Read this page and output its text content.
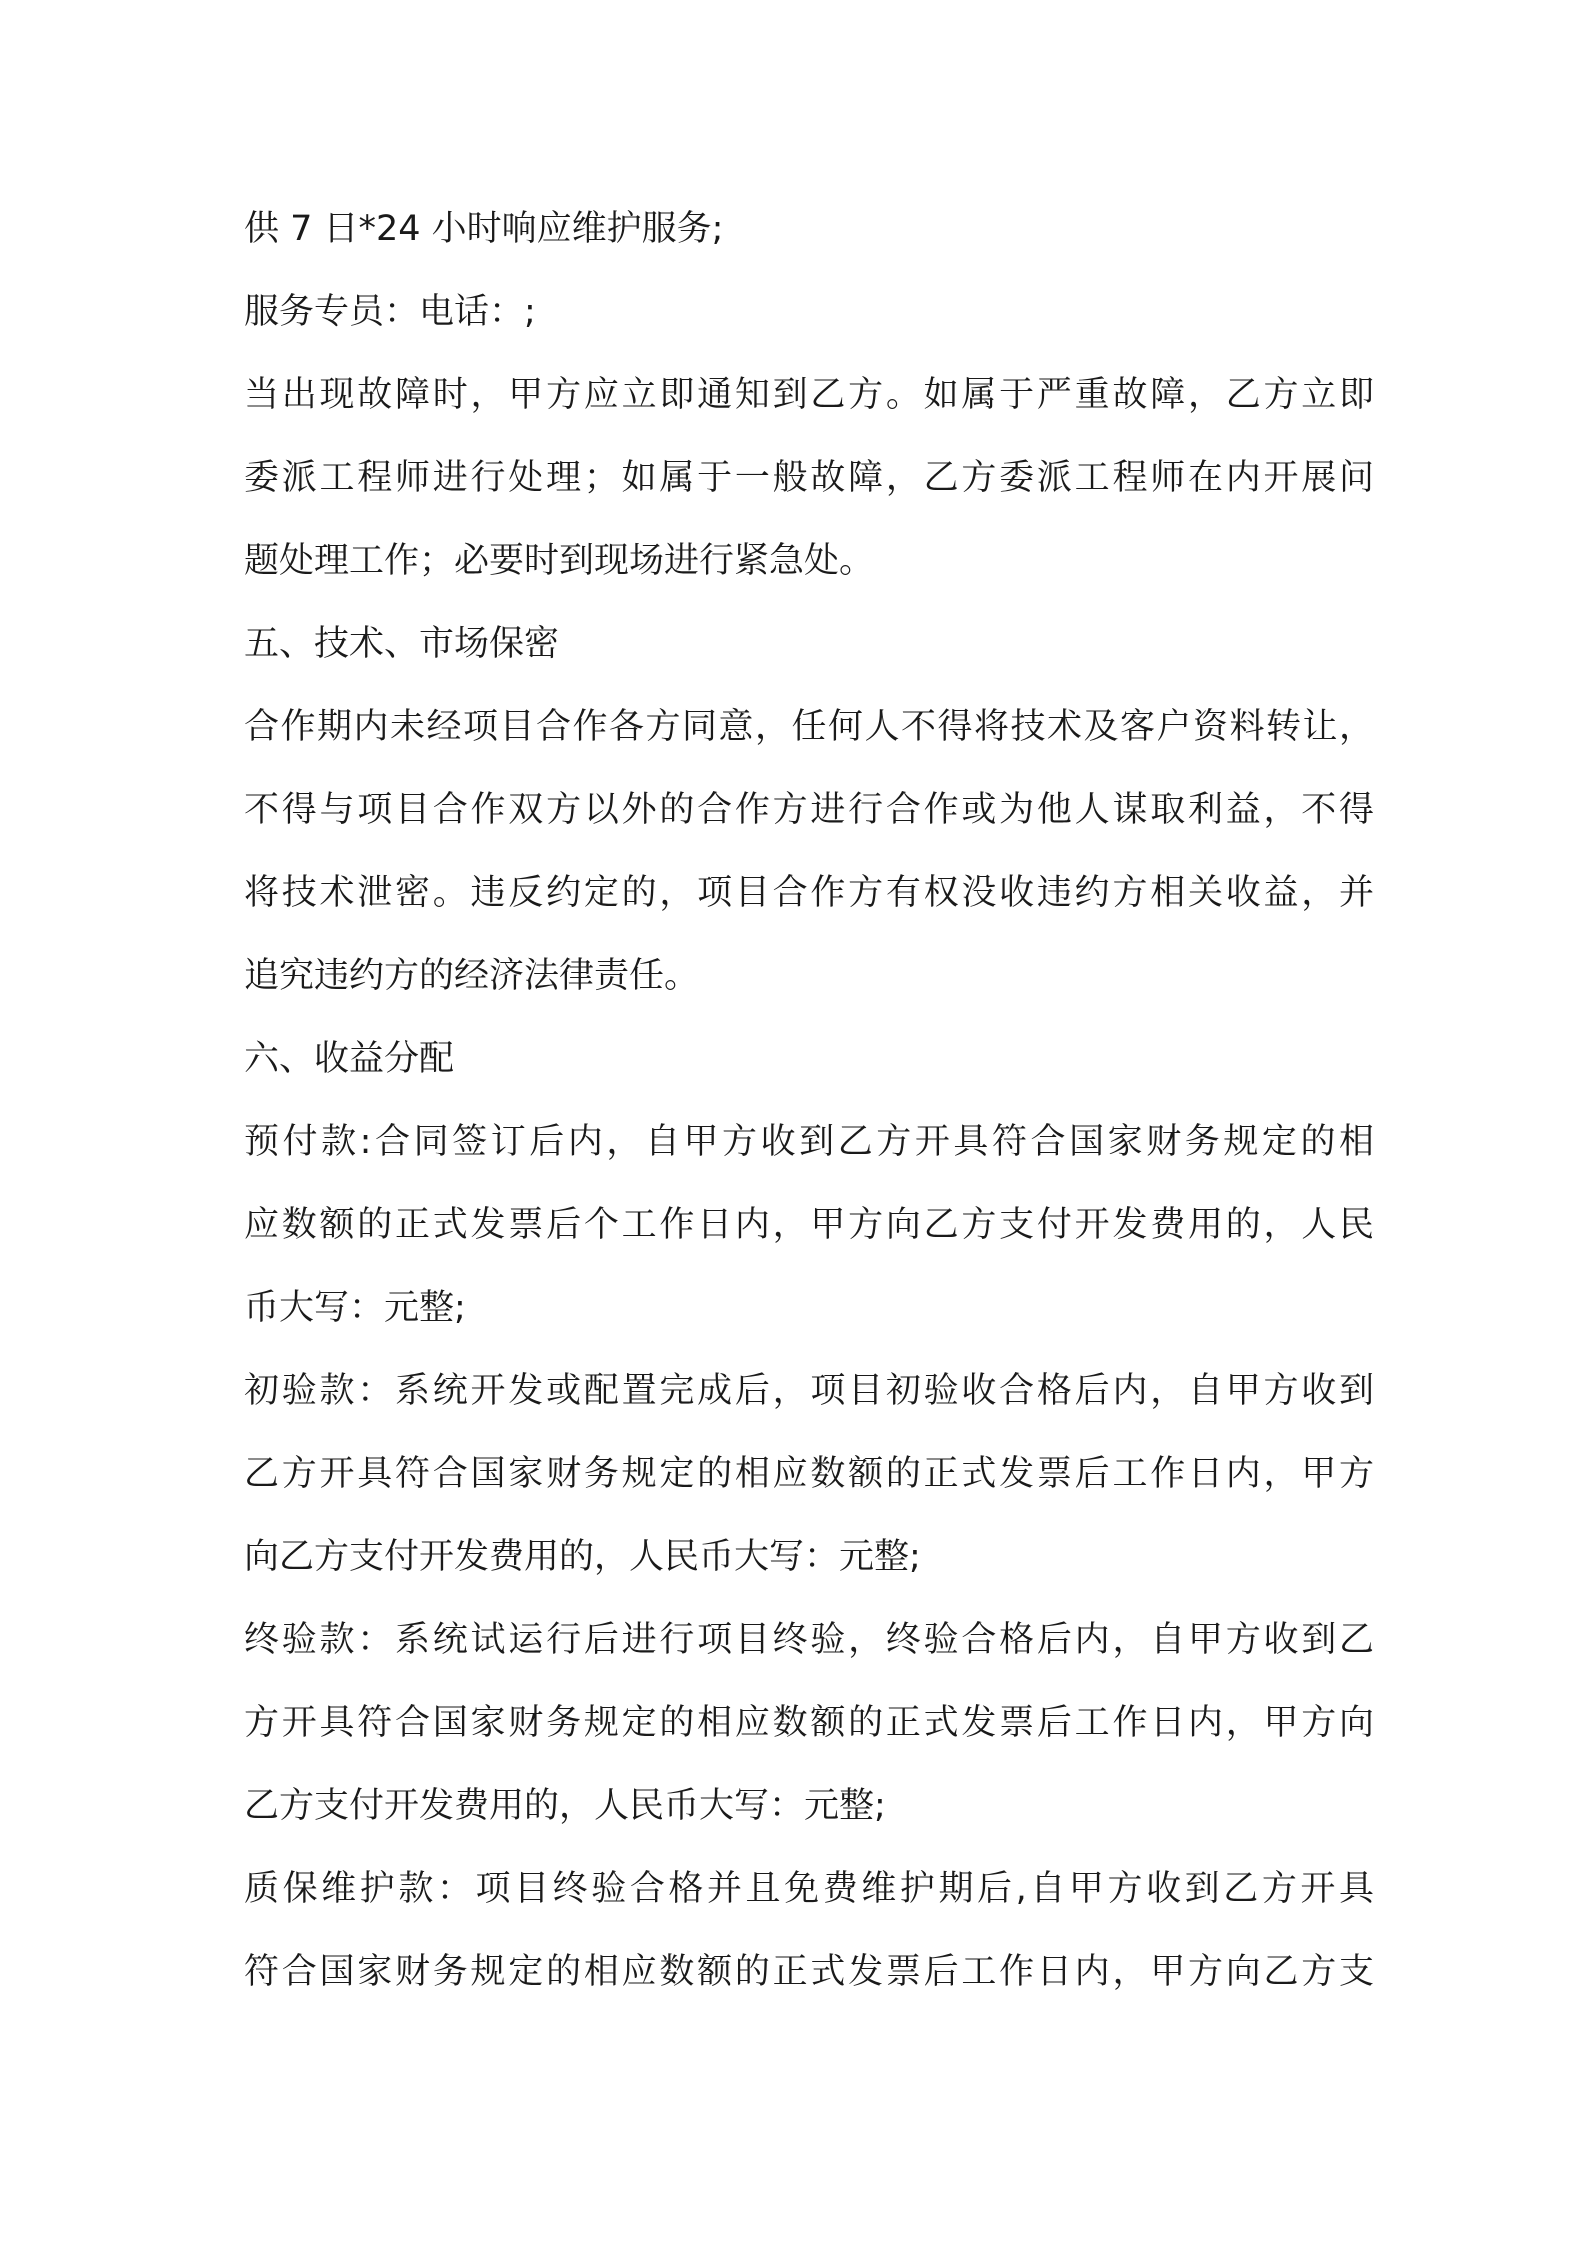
供 7 日*24 小时响应维护服务;
服务专员：电话：;
当出现故障时，甲方应立即通知到乙方。如属于严重故障，乙方立即
委派工程师进行处理；如属于一般故障，乙方委派工程师在内开展问
题处理工作；必要时到现场进行紧急处。
五、技术、市场保密
合作期内未经项目合作各方同意，任何人不得将技术及客户资料转让，
不得与项目合作双方以外的合作方进行合作或为他人谋取利益，不得
将技术泄密。违反约定的，项目合作方有权没收违约方相关收益，并
追究违约方的经济法律责任。
六、收益分配
预付款:合同签订后内，自甲方收到乙方开具符合国家财务规定的相
应数额的正式发票后个工作日内，甲方向乙方支付开发费用的，人民
币大写：元整;
初验款：系统开发或配置完成后，项目初验收合格后内，自甲方收到
乙方开具符合国家财务规定的相应数额的正式发票后工作日内，甲方
向乙方支付开发费用的，人民币大写：元整;
终验款：系统试运行后进行项目终验，终验合格后内，自甲方收到乙
方开具符合国家财务规定的相应数额的正式发票后工作日内，甲方向
乙方支付开发费用的，人民币大写：元整;
质保维护款：项目终验合格并且免费维护期后,自甲方收到乙方开具
符合国家财务规定的相应数额的正式发票后工作日内，甲方向乙方支
